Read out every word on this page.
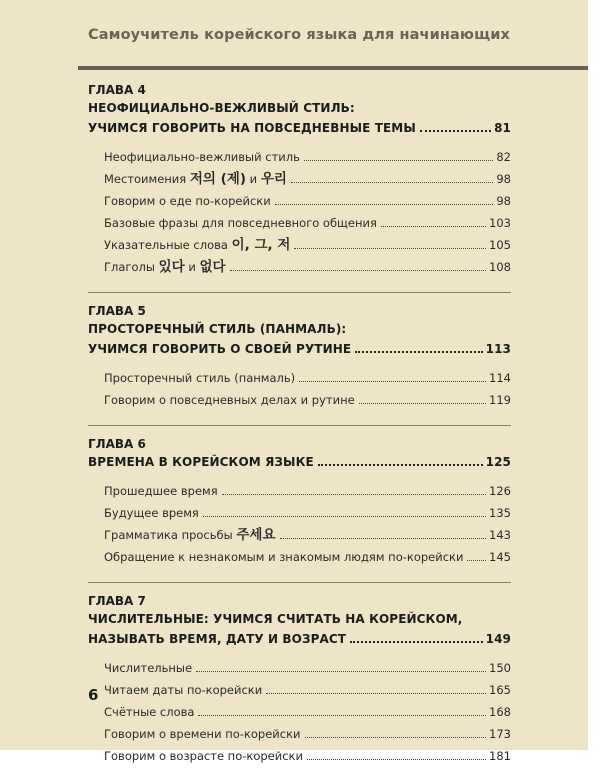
Самоучитель корейского языка для начинающих
ГЛАВА 4
НЕОФИЦИАЛЬНО-ВЕЖЛИВЫЙ СТИЛЬ:
УЧИМСЯ ГОВОРИТЬ НА ПОВСЕДНЕВНЫЕ ТЕМЫ	81
Неофициально-вежливый стиль	82
Местоимения 저의 (제) и 우리	98
Говорим о еде по-корейски	98
Базовые фразы для повседневного общения	103
Указательные слова 이, 그, 저	105
Глаголы 있다 и 없다	108
ГЛАВА 5
ПРОСТОРЕЧНЫЙ СТИЛЬ (ПАНМАЛЬ):
УЧИМСЯ ГОВОРИТЬ О СВОЕЙ РУТИНЕ	113
Просторечный стиль (панмаль)	114
Говорим о повседневных делах и рутине	119
ГЛАВА 6
ВРЕМЕНА В КОРЕЙСКОМ ЯЗЫКЕ	125
Прошедшее время	126
Будущее время	135
Грамматика просьбы 주세요	143
Обращение к незнакомым и знакомым людям по-корейски 145
ГЛАВА 7
ЧИСЛИТЕЛЬНЫЕ: УЧИМСЯ СЧИТАТЬ НА КОРЕЙСКОМ,
НАЗЫВАТЬ ВРЕМЯ, ДАТУ И ВОЗРАСТ	149
Числительные	150
Читаем даты по-корейски	165
Счётные слова	168
Говорим о времени по-корейски	173
Говорим о возрасте по-корейски	181
6
